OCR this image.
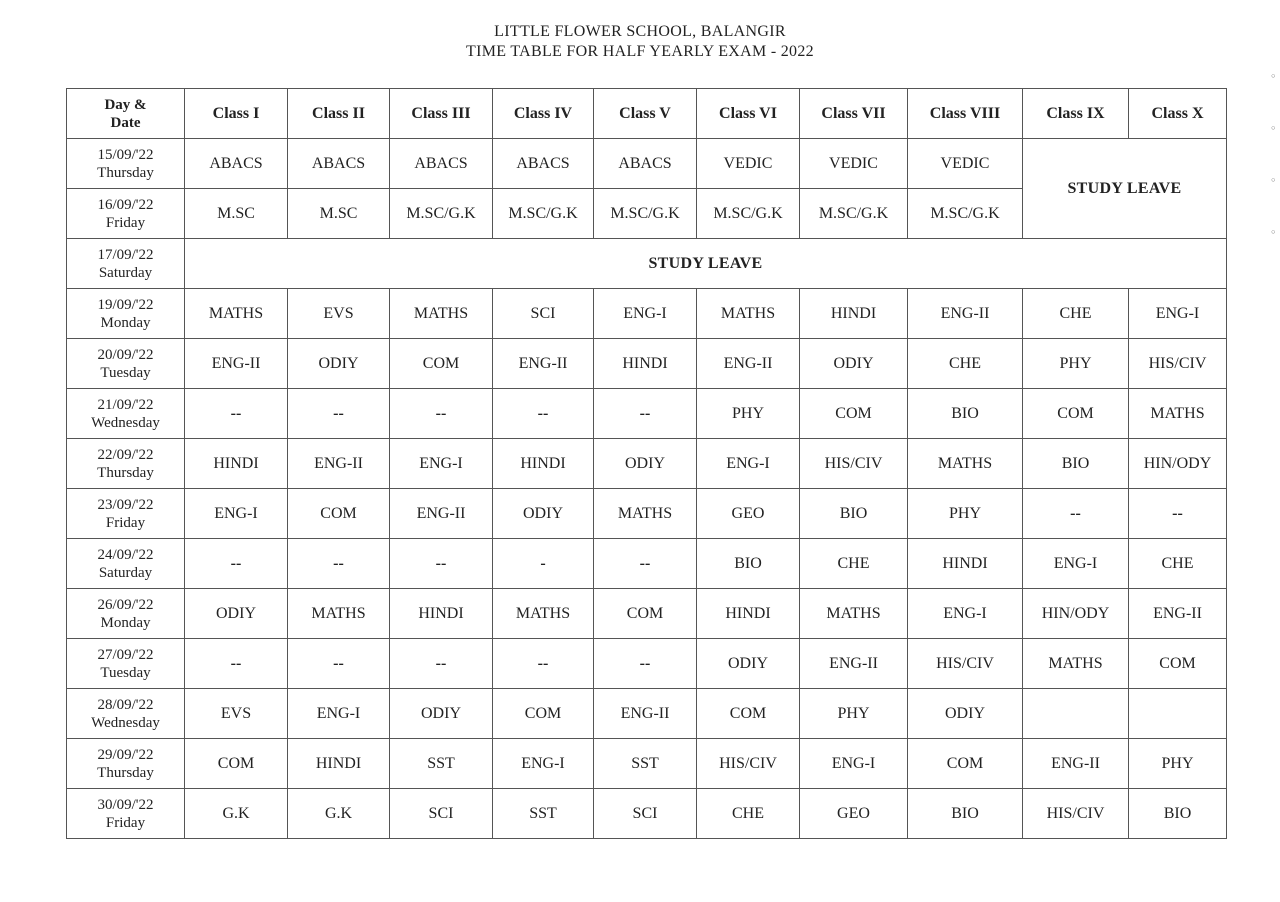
LITTLE FLOWER SCHOOL, BALANGIR
TIME TABLE FOR HALF YEARLY EXAM - 2022
Day &
Date	Class I	Class II	Class III	Class IV	Class V	Class VI	Class VII	Class VIII	Class IX	Class X

15/09/'22
Thursday	ABACS	ABACS	ABACS	ABACS	ABACS	VEDIC	VEDIC	VEDIC	STUDY LEAVE	

16/09/'22
Friday	M.SC	M.SC	M.SC/G.K	M.SC/G.K	M.SC/G.K	M.SC/G.K	M.SC/G.K	M.SC/G.K		

17/09/'22
Saturday	STUDY LEAVE									

19/09/'22
Monday	MATHS	EVS	MATHS	SCI	ENG-I	MATHS	HINDI	ENG-II	CHE	ENG-I

20/09/'22
Tuesday	ENG-II	ODIY	COM	ENG-II	HINDI	ENG-II	ODIY	CHE	PHY	HIS/CIV

21/09/'22
Wednesday	--	--	--	--	--	PHY	COM	BIO	COM	MATHS

22/09/'22
Thursday	HINDI	ENG-II	ENG-I	HINDI	ODIY	ENG-I	HIS/CIV	MATHS	BIO	HIN/ODY

23/09/'22
Friday	ENG-I	COM	ENG-II	ODIY	MATHS	GEO	BIO	PHY	--	--

24/09/'22
Saturday	--	--	--	-	--	BIO	CHE	HINDI	ENG-I	CHE

26/09/'22
Monday	ODIY	MATHS	HINDI	MATHS	COM	HINDI	MATHS	ENG-I	HIN/ODY	ENG-II

27/09/'22
Tuesday	--	--	--	--	--	ODIY	ENG-II	HIS/CIV	MATHS	COM

28/09/'22
Wednesday	EVS	ENG-I	ODIY	COM	ENG-II	COM	PHY	ODIY		

29/09/'22
Thursday	COM	HINDI	SST	ENG-I	SST	HIS/CIV	ENG-I	COM	ENG-II	PHY

30/09/'22
Friday	G.K	G.K	SCI	SST	SCI	CHE	GEO	BIO	HIS/CIV	BIO
◦
◦
◦
◦
